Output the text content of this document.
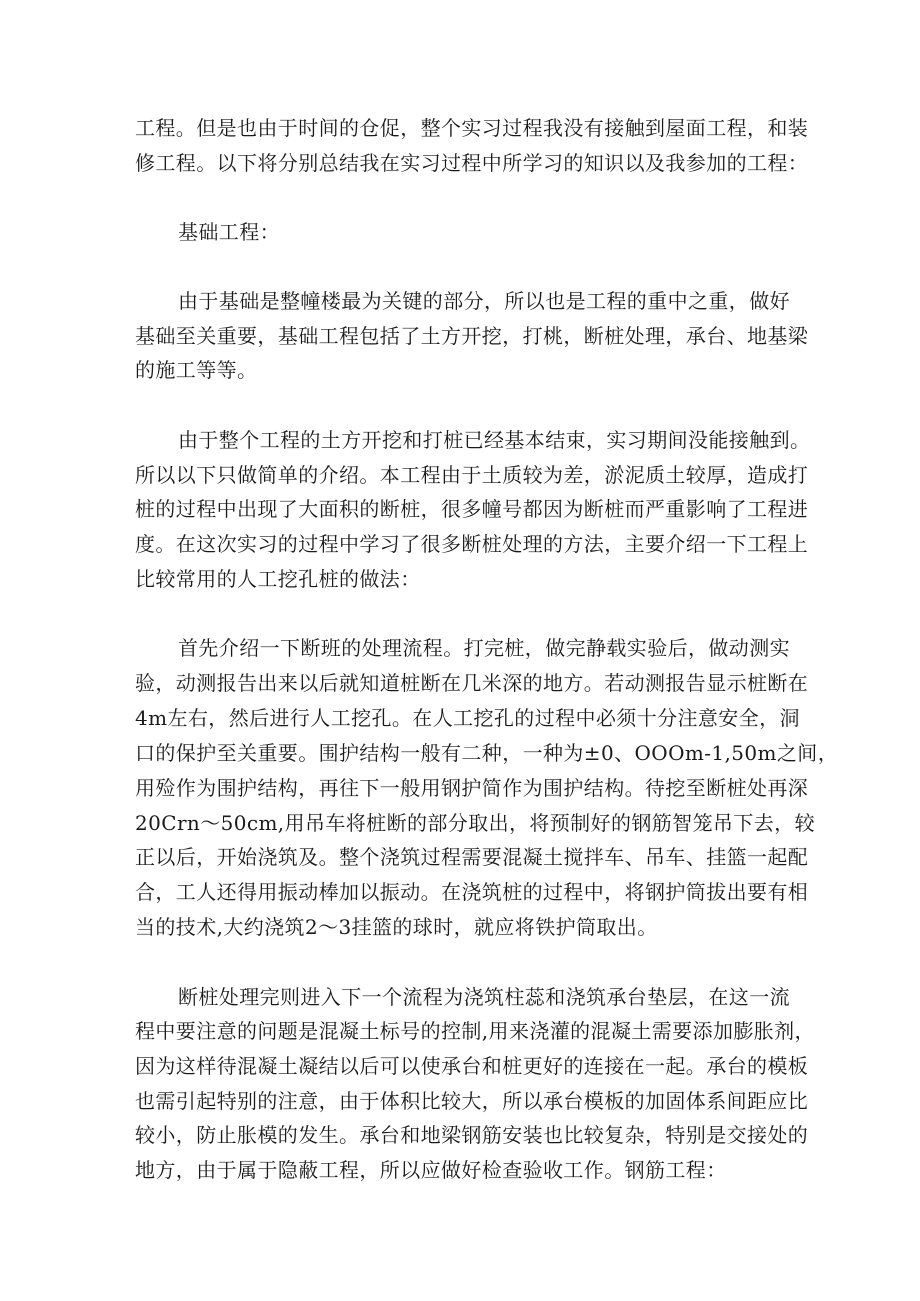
工程。但是也由于时间的仓促，整个实习过程我没有接触到屋面工程，和装
修工程。以下将分别总结我在实习过程中所学习的知识以及我参加的工程：
基础工程：
由于基础是整幢楼最为关键的部分，所以也是工程的重中之重，做好
基础至关重要，基础工程包括了土方开挖，打桃，断桩处理，承台、地基梁
的施工等等。
由于整个工程的土方开挖和打桩已经基本结束，实习期间没能接触到。
所以以下只做简单的介绍。本工程由于土质较为差，淤泥质土较厚，造成打
桩的过程中出现了大面积的断桩，很多幢号都因为断桩而严重影响了工程进
度。在这次实习的过程中学习了很多断桩处理的方法，主要介绍一下工程上
比较常用的人工挖孔桩的做法：
首先介绍一下断班的处理流程。打完桩，做完静载实验后，做动测实
验，动测报告出来以后就知道桩断在几米深的地方。若动测报告显示桩断在
4m左右，然后进行人工挖孔。在人工挖孔的过程中必须十分注意安全，洞
口的保护至关重要。围护结构一般有二种，一种为±0、OOOm-1,50m之间，
用殓作为围护结构，再往下一般用钢护简作为围护结构。待挖至断桩处再深
20Crn～50cm,用吊车将桩断的部分取出，将预制好的钢筋智笼吊下去，较
正以后，开始浇筑及。整个浇筑过程需要混凝土搅拌车、吊车、挂篮一起配
合，工人还得用振动棒加以振动。在浇筑桩的过程中，将钢护筒拔出要有相
当的技术,大约浇筑2～3挂篮的球时，就应将铁护筒取出。
断桩处理完则进入下一个流程为浇筑柱蕊和浇筑承台垫层，在这一流
程中要注意的问题是混凝土标号的控制,用来浇灌的混凝土需要添加膨胀剂，
因为这样待混凝土凝结以后可以使承台和桩更好的连接在一起。承台的模板
也需引起特别的注意，由于体积比较大，所以承台模板的加固体系间距应比
较小，防止胀模的发生。承台和地梁钢筋安装也比较复杂，特别是交接处的
地方，由于属于隐蔽工程，所以应做好检查验收工作。钢筋工程：
